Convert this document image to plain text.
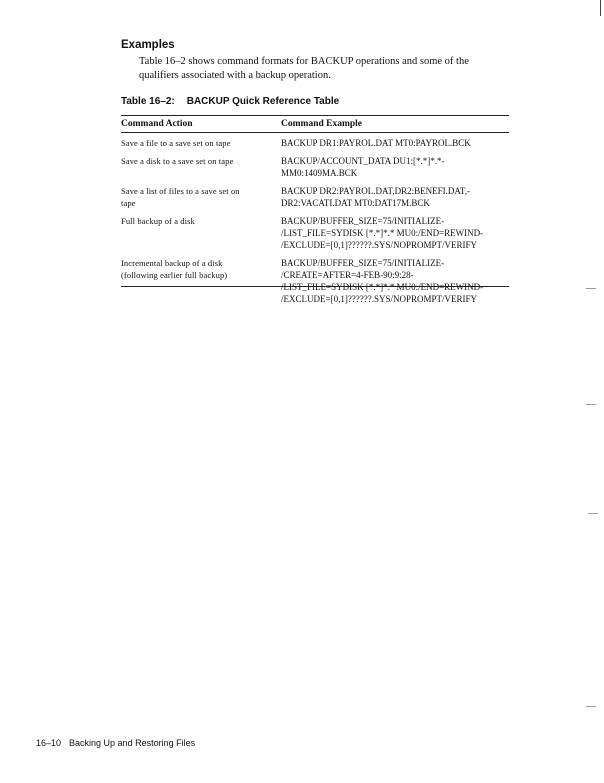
Examples

Table 16–2 shows command formats for BACKUP operations and some of the
qualifiers associated with a backup operation.

Table 16–2: BACKUP Quick Reference Table

Command Action	Command Example

Save a file to a save set on tape	BACKUP DR1:PAYROL.DAT MT0:PAYROL.BCK

Save a disk to a save set on tape	BACKUP/ACCOUNT_DATA DU1:[*.*]*.*-
MM0:1409MA.BCK

Save a list of files to a save set on
tape	BACKUP DR2:PAYROL.DAT,DR2:BENEFI.DAT,-
DR2:VACATI.DAT MT0:DAT17M.BCK

Full backup of a disk	BACKUP/BUFFER_SIZE=75/INITIALIZE-
/LIST_FILE=SYDISK [*.*]*.* MU0:/END=REWIND-
/EXCLUDE=[0,1]??????.SYS/NOPROMPT/VERIFY

Incremental backup of a disk
(following earlier full backup)	BACKUP/BUFFER_SIZE=75/INITIALIZE-
/CREATE=AFTER=4-FEB-90:9:28-
/LIST_FILE=SYDISK [*.*]*.* MU0:/END=REWIND-
/EXCLUDE=[0,1]??????.SYS/NOPROMPT/VERIFY

16–10 Backing Up and Restoring Files
